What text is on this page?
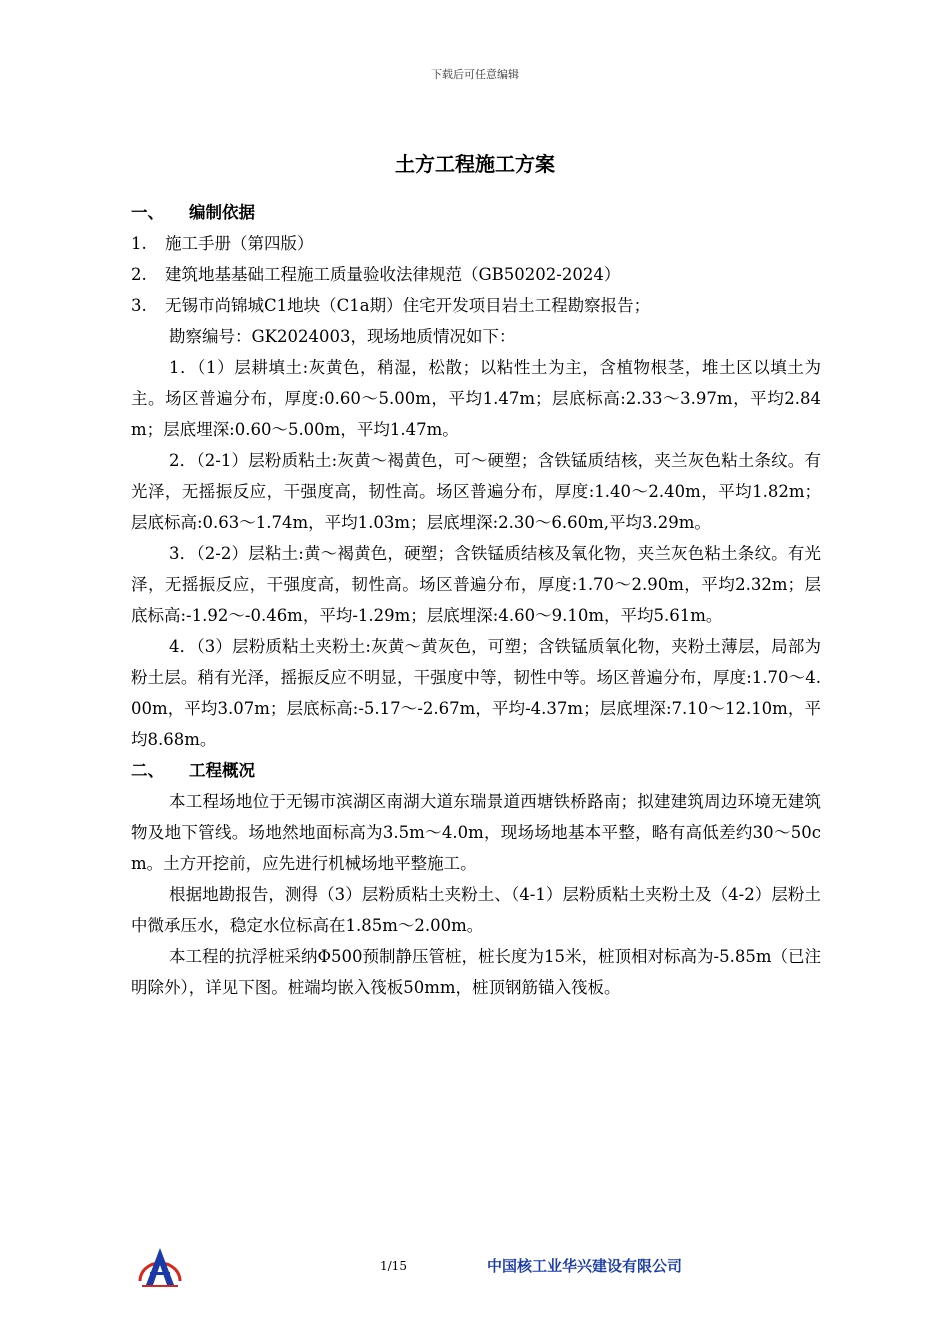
下载后可任意编辑
土方工程施工方案
一、 编制依据
1. 施工手册（第四版）
2. 建筑地基基础工程施工质量验收法律规范（GB50202-2024）
3. 无锡市尚锦城C1地块（C1a期）住宅开发项目岩土工程勘察报告；
勘察编号：GK2024003，现场地质情况如下：

1．（1）层耕填土:灰黄色，稍湿，松散；以粘性土为主，含植物根茎，堆土区以填土为主。场区普遍分布，厚度:0.60～5.00m，平均1.47m；层底标高:2.33～3.97m，平均2.84m；层底埋深:0.60～5.00m，平均1.47m。

2．（2-1）层粉质粘土:灰黄～褐黄色，可～硬塑；含铁锰质结核，夹兰灰色粘土条纹。有光泽，无摇振反应，干强度高，韧性高。场区普遍分布，厚度:1.40～2.40m，平均1.82m；层底标高:0.63～1.74m，平均1.03m；层底埋深:2.30～6.60m,平均3.29m。

3．（2-2）层粘土:黄～褐黄色，硬塑；含铁锰质结核及氧化物，夹兰灰色粘土条纹。有光泽，无摇振反应，干强度高，韧性高。场区普遍分布，厚度:1.70～2.90m，平均2.32m；层底标高:-1.92～-0.46m，平均-1.29m；层底埋深:4.60～9.10m，平均5.61m。

4．（3）层粉质粘土夹粉土:灰黄～黄灰色，可塑；含铁锰质氧化物，夹粉土薄层，局部为粉土层。稍有光泽，摇振反应不明显，干强度中等，韧性中等。场区普遍分布，厚度:1.70～4.00m，平均3.07m；层底标高:-5.17～-2.67m，平均-4.37m；层底埋深:7.10～12.10m，平均8.68m。

二、 工程概况

本工程场地位于无锡市滨湖区南湖大道东瑞景道西塘铁桥路南；拟建建筑周边环境无建筑物及地下管线。场地然地面标高为3.5m～4.0m，现场场地基本平整，略有高低差约30～50cm。土方开挖前，应先进行机械场地平整施工。

根据地勘报告，测得（3）层粉质粘土夹粉土、（4-1）层粉质粘土夹粉土及（4-2）层粉土中微承压水，稳定水位标高在1.85m～2.00m。

本工程的抗浮桩采纳Φ500预制静压管桩，桩长度为15米，桩顶相对标高为-5.85m（已注明除外），详见下图。桩端均嵌入筏板50mm，桩顶钢筋锚入筏板。

1/15	中国核工业华兴建设有限公司
